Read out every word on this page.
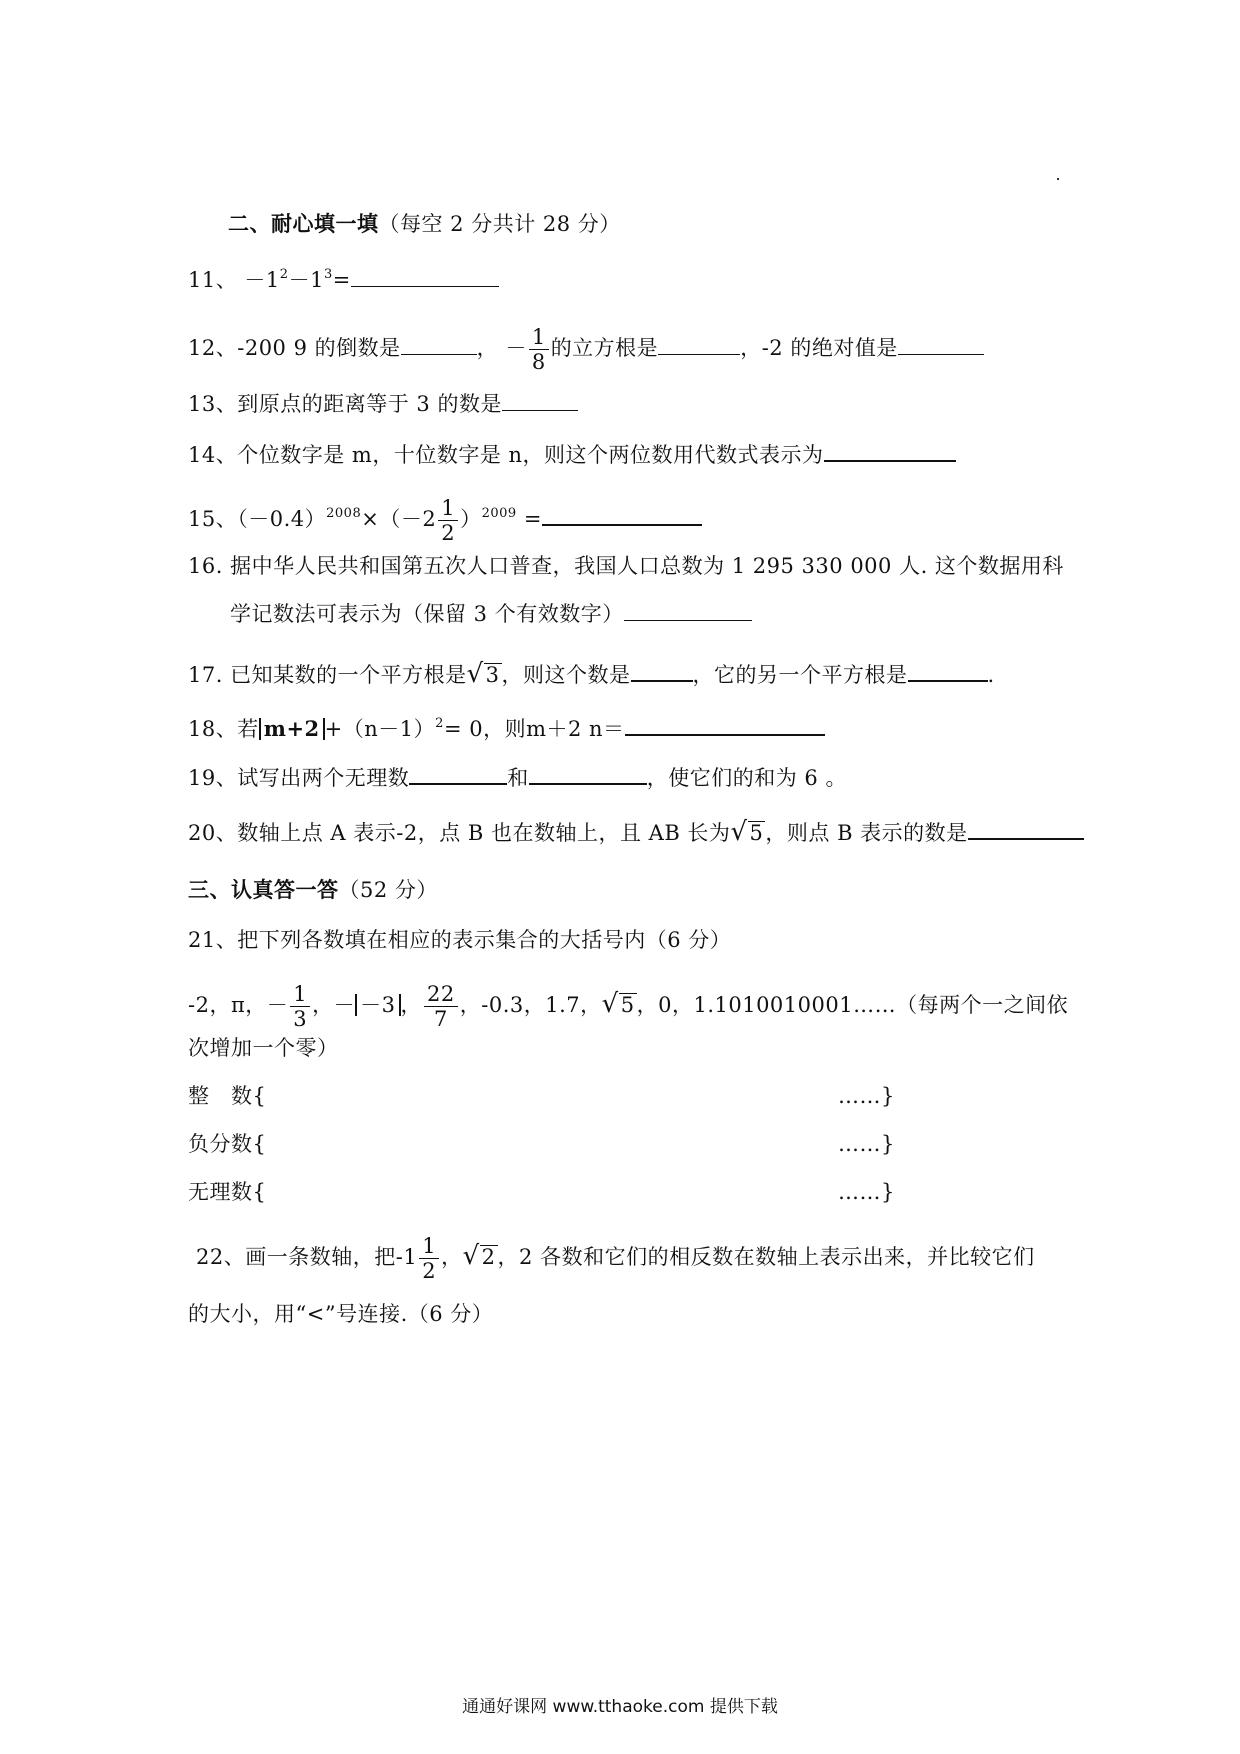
二、耐心填一填（每空 2 分共计 28 分）
11、 $-1^2-1^3=$
12、-200 9 的倒数是	， － $\frac{1}{8}$ 的立方根是	，-2 的绝对值是
13、到原点的距离等于 3 的数是
14、个位数字是 m，十位数字是 n，则这个两位数用代数式表示为
15、$(-0.4)^{2008}\times(-2 \frac{1}{2} )^{2009}$ =
16. 据中华人民共和国第五次人口普查，我国人口总数为 1 295 330 000 人. 这个数据用科
学记数法可表示为（保留 3 个有效数字）
17. 已知某数的一个平方根是√3，则这个数是	，它的另一个平方根是	.
18、若 $m+2 +(n-1)^2= 0$，则m＋2 n＝
19、试写出两个无理数	和	，使它们的和为 6 。
20、数轴上点 A 表示-2，点 B 也在数轴上，且 AB 长为√5，则点 B 表示的数是
三、认真答一答（52 分）
21、把下列各数填在相应的表示集合的大括号内（6 分）
-2，π，－ $\frac{1}{3}$ ，－ －3 ， $\frac{22}{7}$ ，-0.3，1.7，√5，0，1.1010010001……（每两个一之间依
次增加一个零）
整　数{	……}
负分数{	……}
无理数{	……}
22、画一条数轴，把$-1 \frac{1}{2}$ ，√2，2 各数和它们的相反数在数轴上表示出来，并比较它们
的大小，用“<”号连接.（6 分）
通通好课网 www.tthaoke.com 提供下载
